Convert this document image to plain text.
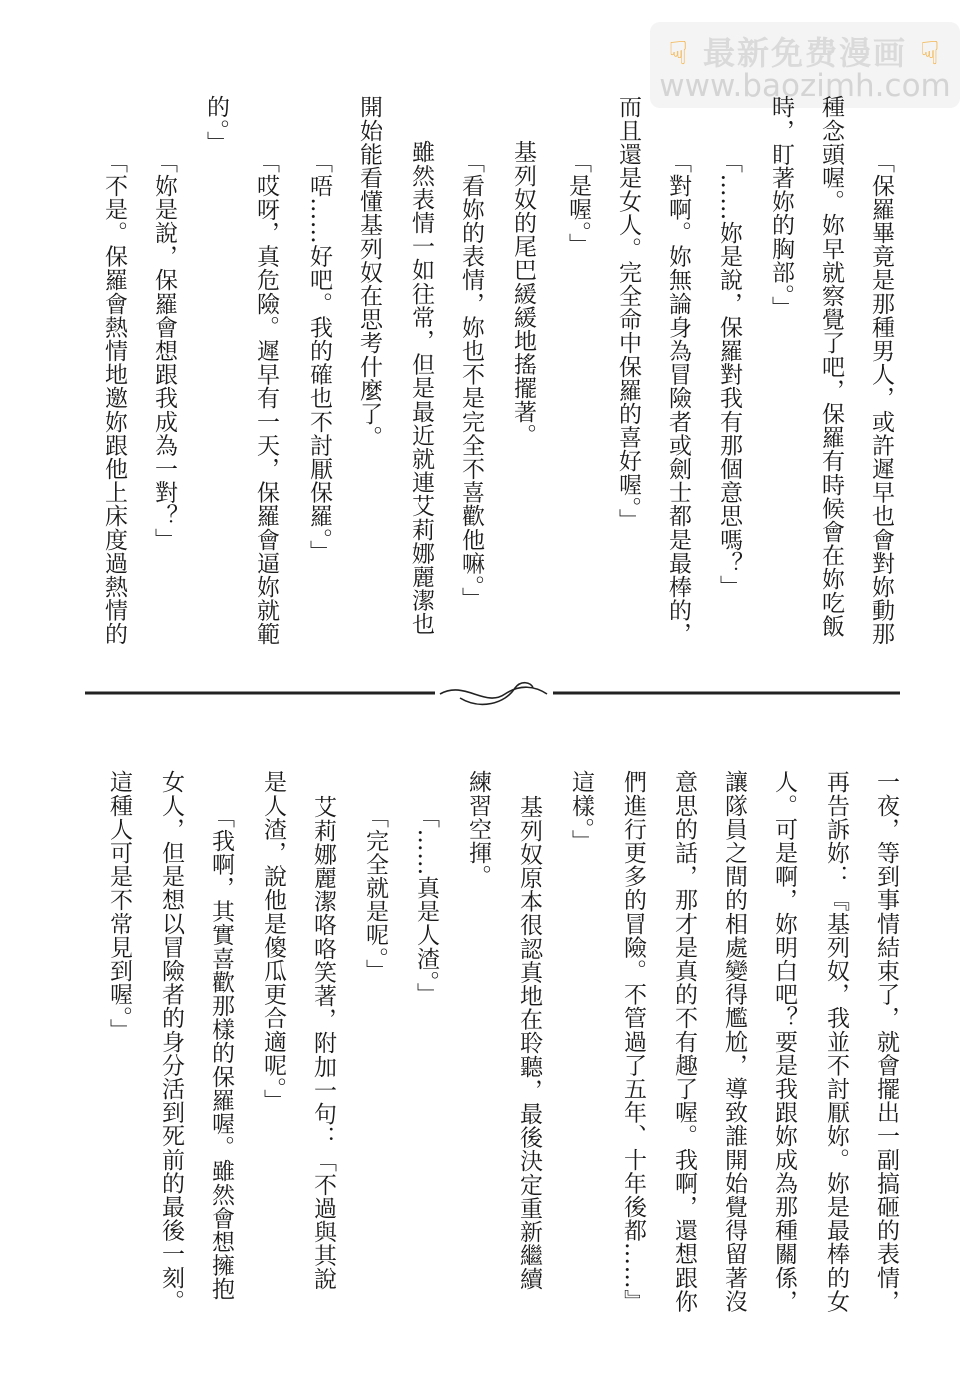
☟ 最新免费漫画 ☟
www.baozimh.com
「保羅畢竟是那種男人，或許遲早也會對妳動那
種念頭喔。妳早就察覺了吧，保羅有時候會在妳吃飯
時，盯著妳的胸部。」
「……妳是說，保羅對我有那個意思嗎？」
「對啊。妳無論身為冒險者或劍士都是最棒的，
而且還是女人。完全命中保羅的喜好喔。」
「是喔。」
基列奴的尾巴緩緩地搖擺著。
「看妳的表情，妳也不是完全不喜歡他嘛。」
雖然表情一如往常，但是最近就連艾莉娜麗潔也
開始能看懂基列奴在思考什麼了。
「唔……好吧。我的確也不討厭保羅。」
「哎呀，真危險。遲早有一天，保羅會逼妳就範
的。」
「妳是說，保羅會想跟我成為一對？」
「不是。保羅會熱情地邀妳跟他上床度過熱情的
一夜，等到事情結束了，就會擺出一副搞砸的表情，
再告訴妳：『基列奴，我並不討厭妳。妳是最棒的女
人。可是啊，妳明白吧？要是我跟妳成為那種關係，
讓隊員之間的相處變得尷尬，導致誰開始覺得留著沒
意思的話，那才是真的不有趣了喔。我啊，還想跟你
們進行更多的冒險。不管過了五年、十年後都……』
這樣。」
基列奴原本很認真地在聆聽，最後決定重新繼續
練習空揮。
「……真是人渣。」
「完全就是呢。」
艾莉娜麗潔咯咯笑著，附加一句：「不過與其說
是人渣，說他是傻瓜更合適呢。」
「我啊，其實喜歡那樣的保羅喔。雖然會想擁抱
女人，但是想以冒險者的身分活到死前的最後一刻。
這種人可是不常見到喔。」
